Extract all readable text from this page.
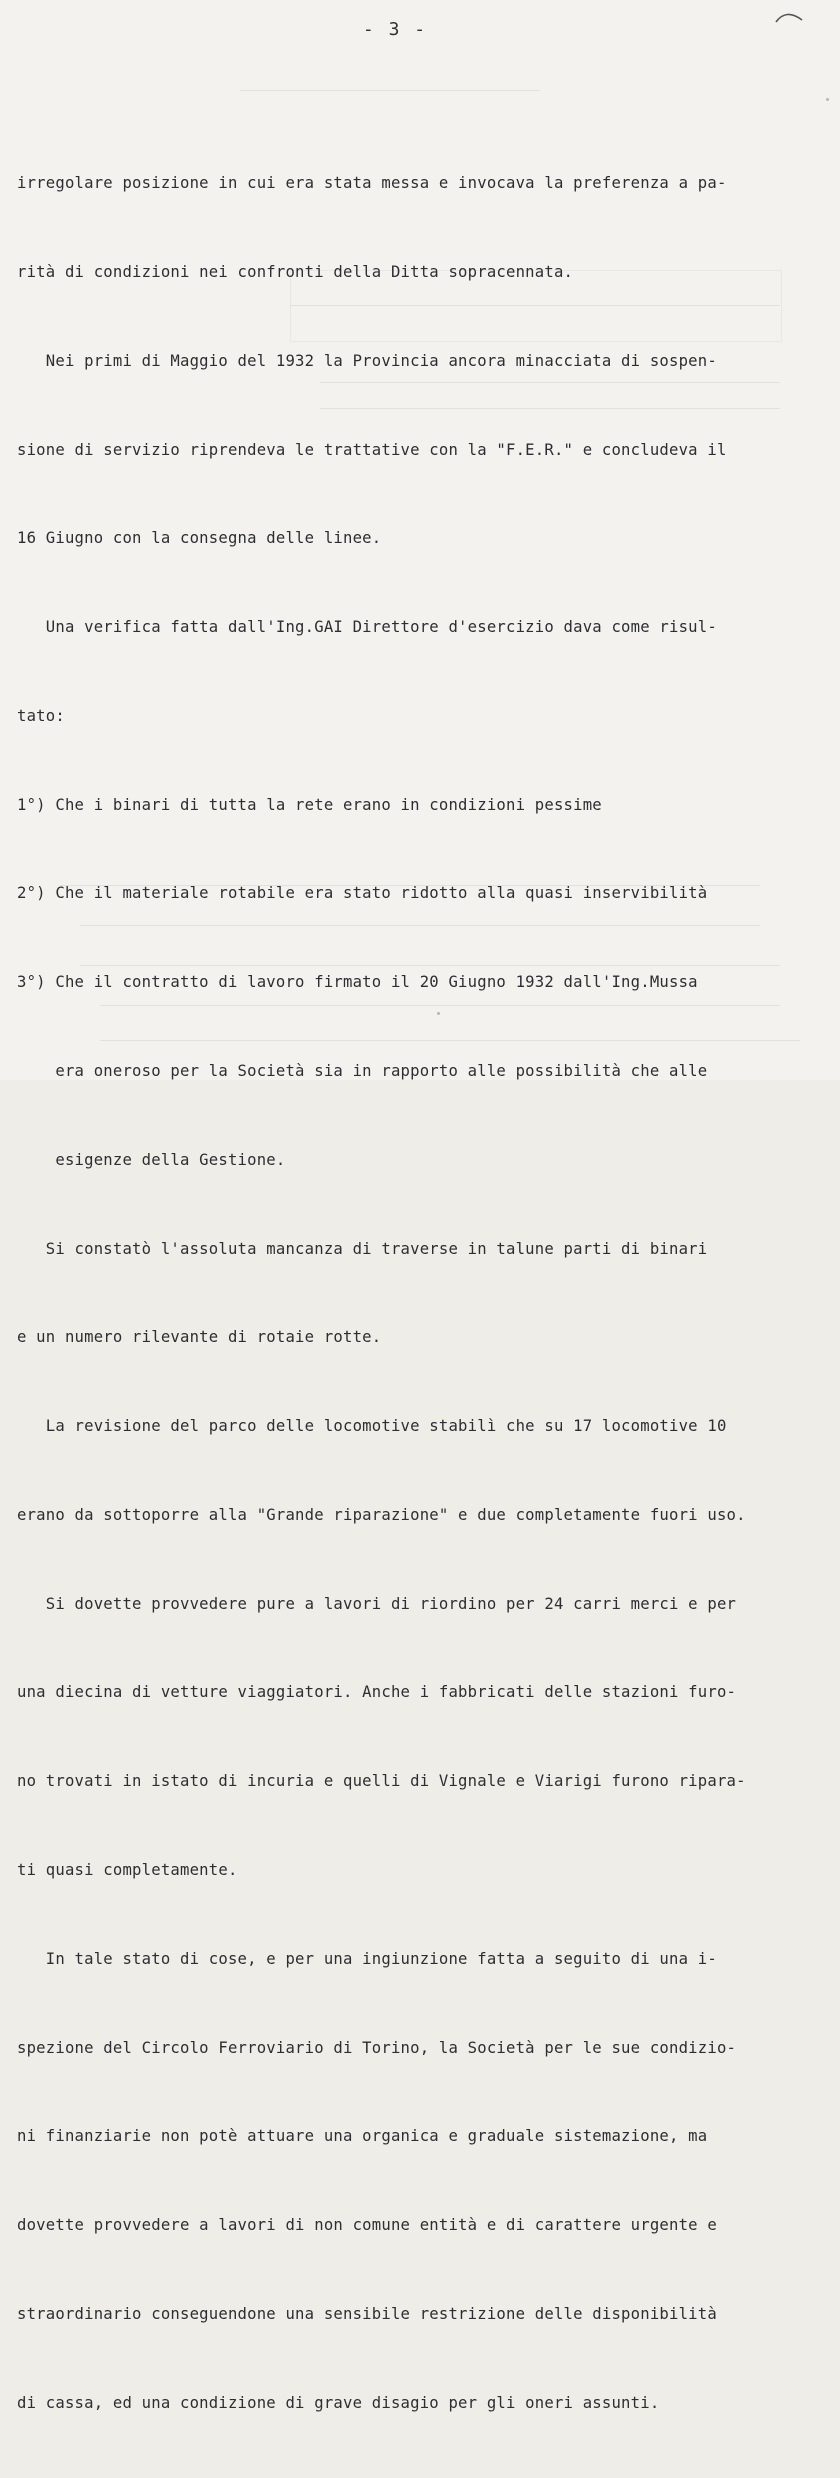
- 3 -

irregolare posizione in cui era stata messa e invocava la preferenza a pa-

rità di condizioni nei confronti della Ditta sopracennata.

Nei primi di Maggio del 1932 la Provincia ancora minacciata di sospen-

sione di servizio riprendeva le trattative con la "F.E.R." e concludeva il

16 Giugno con la consegna delle linee.

Una verifica fatta dall'Ing.GAI Direttore d'esercizio dava come risul-

tato:

1°) Che i binari di tutta la rete erano in condizioni pessime

2°) Che il materiale rotabile era stato ridotto alla quasi inservibilità

3°) Che il contratto di lavoro firmato il 20 Giugno 1932 dall'Ing.Mussa

era oneroso per la Società sia in rapporto alle possibilità che alle

esigenze della Gestione.

Si constatò l'assoluta mancanza di traverse in talune parti di binari

e un numero rilevante di rotaie rotte.

La revisione del parco delle locomotive stabilì che su 17 locomotive 10

erano da sottoporre alla "Grande riparazione" e due completamente fuori uso.

Si dovette provvedere pure a lavori di riordino per 24 carri merci e per

una diecina di vetture viaggiatori. Anche i fabbricati delle stazioni furo-

no trovati in istato di incuria e quelli di Vignale e Viarigi furono ripara-

ti quasi completamente.

In tale stato di cose, e per una ingiunzione fatta a seguito di una i-

spezione del Circolo Ferroviario di Torino, la Società per le sue condizio-

ni finanziarie non potè attuare una organica e graduale sistemazione, ma

dovette provvedere a lavori di non comune entità e di carattere urgente e

straordinario conseguendone una sensibile restrizione delle disponibilità

di cassa, ed una condizione di grave disagio per gli oneri assunti.
